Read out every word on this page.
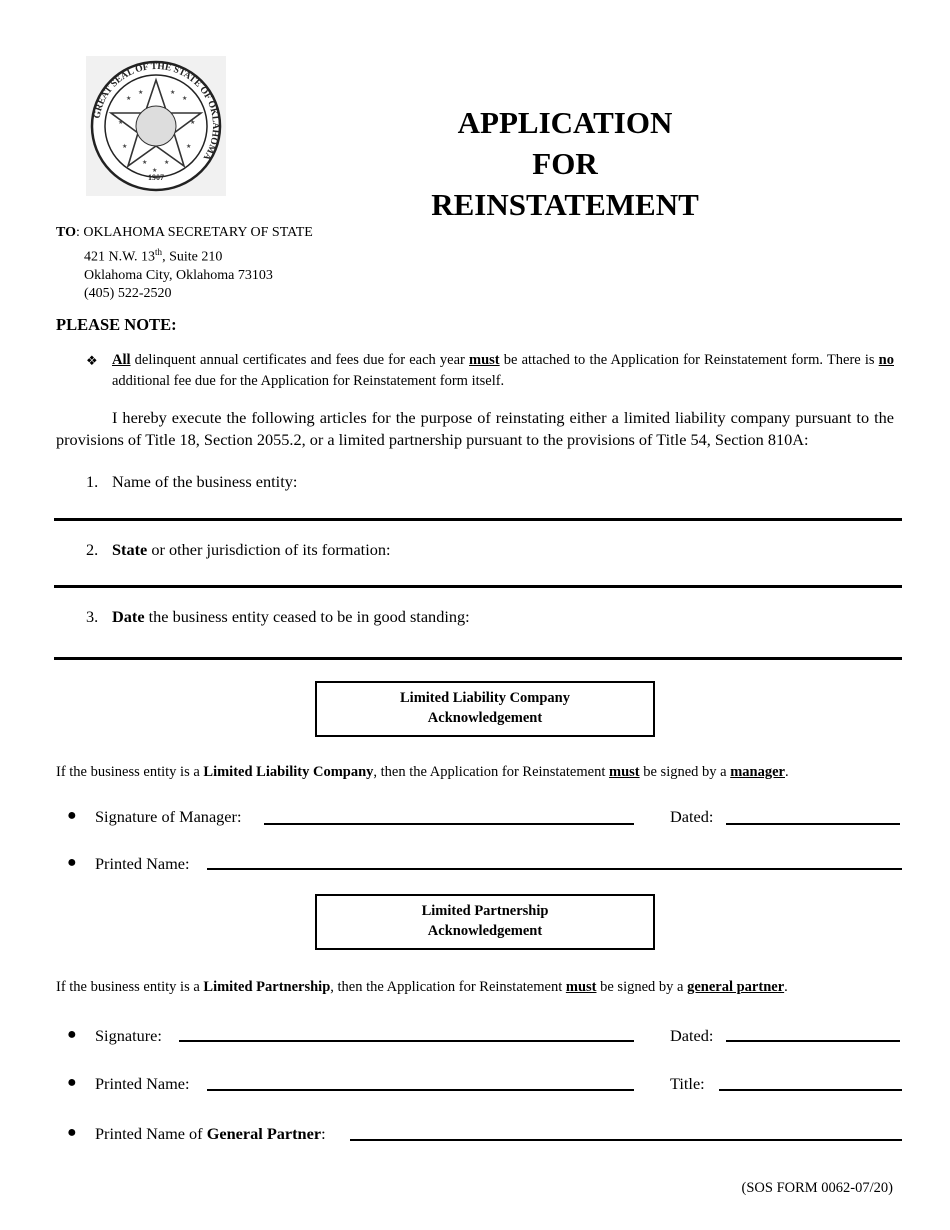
GREAT SEAL OF THE STATE OF OKLAHOMA
★
★	★
★
★	★
★	★
★	★
★
1907
APPLICATION
FOR
REINSTATEMENT
TO: OKLAHOMA SECRETARY OF STATE
421 N.W. 13th, Suite 210
Oklahoma City, Oklahoma 73103
(405) 522-2520
PLEASE NOTE:
❖ All delinquent annual certificates and fees due for each year must be attached to the Application for Reinstatement form. There is no additional fee due for the Application for Reinstatement form itself.
I hereby execute the following articles for the purpose of reinstating either a limited liability company pursuant to the provisions of Title 18, Section 2055.2, or a limited partnership pursuant to the provisions of Title 54, Section 810A:
1. Name of the business entity:
2. State or other jurisdiction of its formation:
3. Date the business entity ceased to be in good standing:
Limited Liability Company
Acknowledgement
If the business entity is a Limited Liability Company, then the Application for Reinstatement must be signed by a manager.
● Signature of Manager:	Dated:
● Printed Name:
Limited Partnership
Acknowledgement
If the business entity is a Limited Partnership, then the Application for Reinstatement must be signed by a general partner.
● Signature:	Dated:
● Printed Name:	Title:
● Printed Name of General Partner:
(SOS FORM 0062-07/20)
